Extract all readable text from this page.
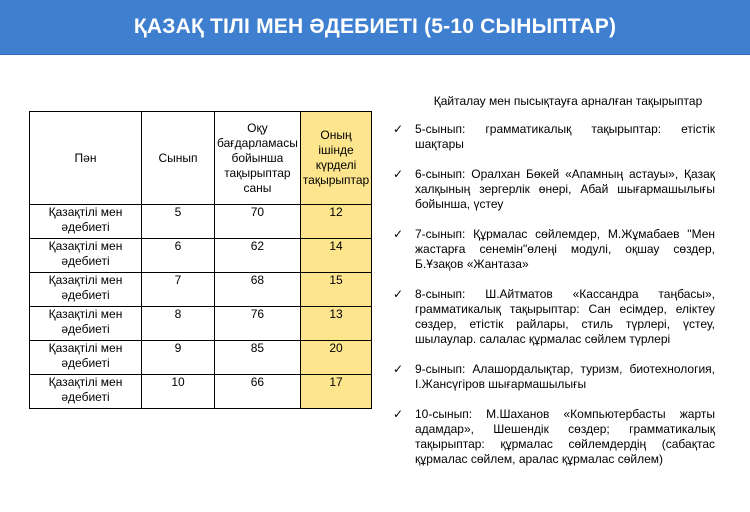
ҚАЗАҚ ТІЛІ МЕН ӘДЕБИЕТІ (5-10 СЫНЫПТАР)
Пән	Сынып	Оқу бағдарламасы бойынша тақырыптар саны	Оның ішінде күрделі тақырыптар
Қазақтілі мен әдебиеті	5	70	12
Қазақтілі мен әдебиеті	6	62	14
Қазақтілі мен әдебиеті	7	68	15
Қазақтілі мен әдебиеті	8	76	13
Қазақтілі мен әдебиеті	9	85	20
Қазақтілі мен әдебиеті	10	66	17
Қайталау мен пысықтауға арналған тақырыптар
✓ 5-сынып: грамматикалық тақырыптар: етістік шақтары
✓ 6-сынып: Оралхан Бөкей «Апамның астауы», Қазақ халқының зергерлік өнері, Абай шығармашылығы бойынша, үстеу
✓ 7-сынып: Құрмалас сөйлемдер, М.Жұмабаев "Мен жастарға сенемін"өлеңі модулі, оқшау сөздер, Б.Ұзақов «Жантаза»
✓ 8-сынып: Ш.Айтматов «Кассандра таңбасы», грамматикалық тақырыптар: Сан есімдер, еліктеу сөздер, етістік райлары, стиль түрлері, үстеу, шылаулар. салалас құрмалас сөйлем түрлері
✓ 9-сынып: Алашордалықтар, туризм, биотехнология, І.Жансүгіров шығармашылығы
✓ 10-сынып: М.Шаханов «Компьютербасты жарты адамдар», Шешендік сөздер; грамматикалық тақырыптар: құрмалас сөйлемдердің (сабақтас құрмалас сөйлем, аралас құрмалас сөйлем)
